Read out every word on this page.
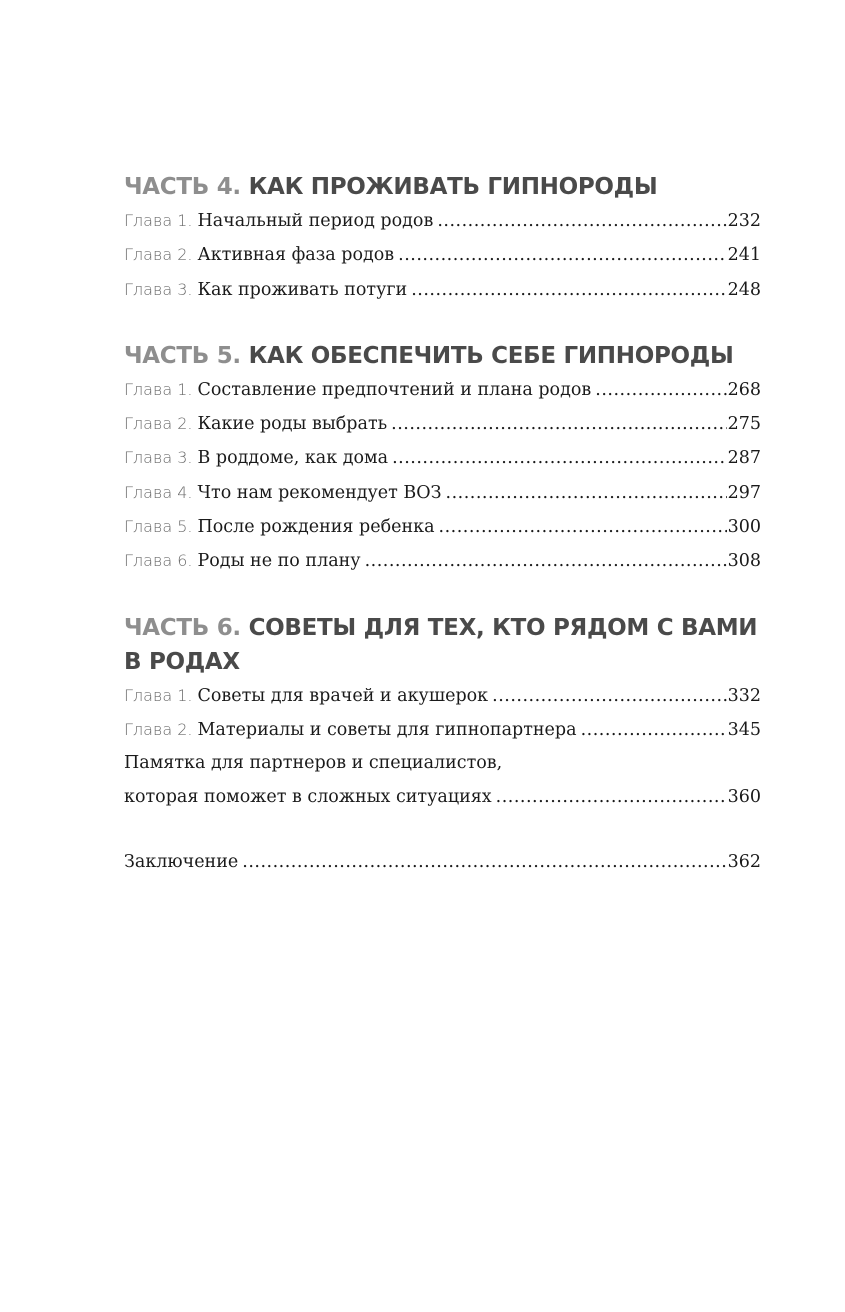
ЧАСТЬ 4. КАК ПРОЖИВАТЬ ГИПНОРОДЫ
Глава 1. Начальный период родов .....	232
Глава 2. Активная фаза родов .....	241
Глава 3. Как проживать потуги .....	248
ЧАСТЬ 5. КАК ОБЕСПЕЧИТЬ СЕБЕ ГИПНОРОДЫ
Глава 1. Составление предпочтений и плана родов .....	268
Глава 2. Какие роды выбрать .....	275
Глава 3. В роддоме, как дома .....	287
Глава 4. Что нам рекомендует ВОЗ .....	297
Глава 5. После рождения ребенка .....	300
Глава 6. Роды не по плану .....	308
ЧАСТЬ 6. СОВЕТЫ ДЛЯ ТЕХ, КТО РЯДОМ С ВАМИ
В РОДАХ
Глава 1. Советы для врачей и акушерок .....	332
Глава 2. Материалы и советы для гипнопартнера .....	345
Памятка для партнеров и специалистов,
которая поможет в сложных ситуациях .....	360
Заключение .....	362
